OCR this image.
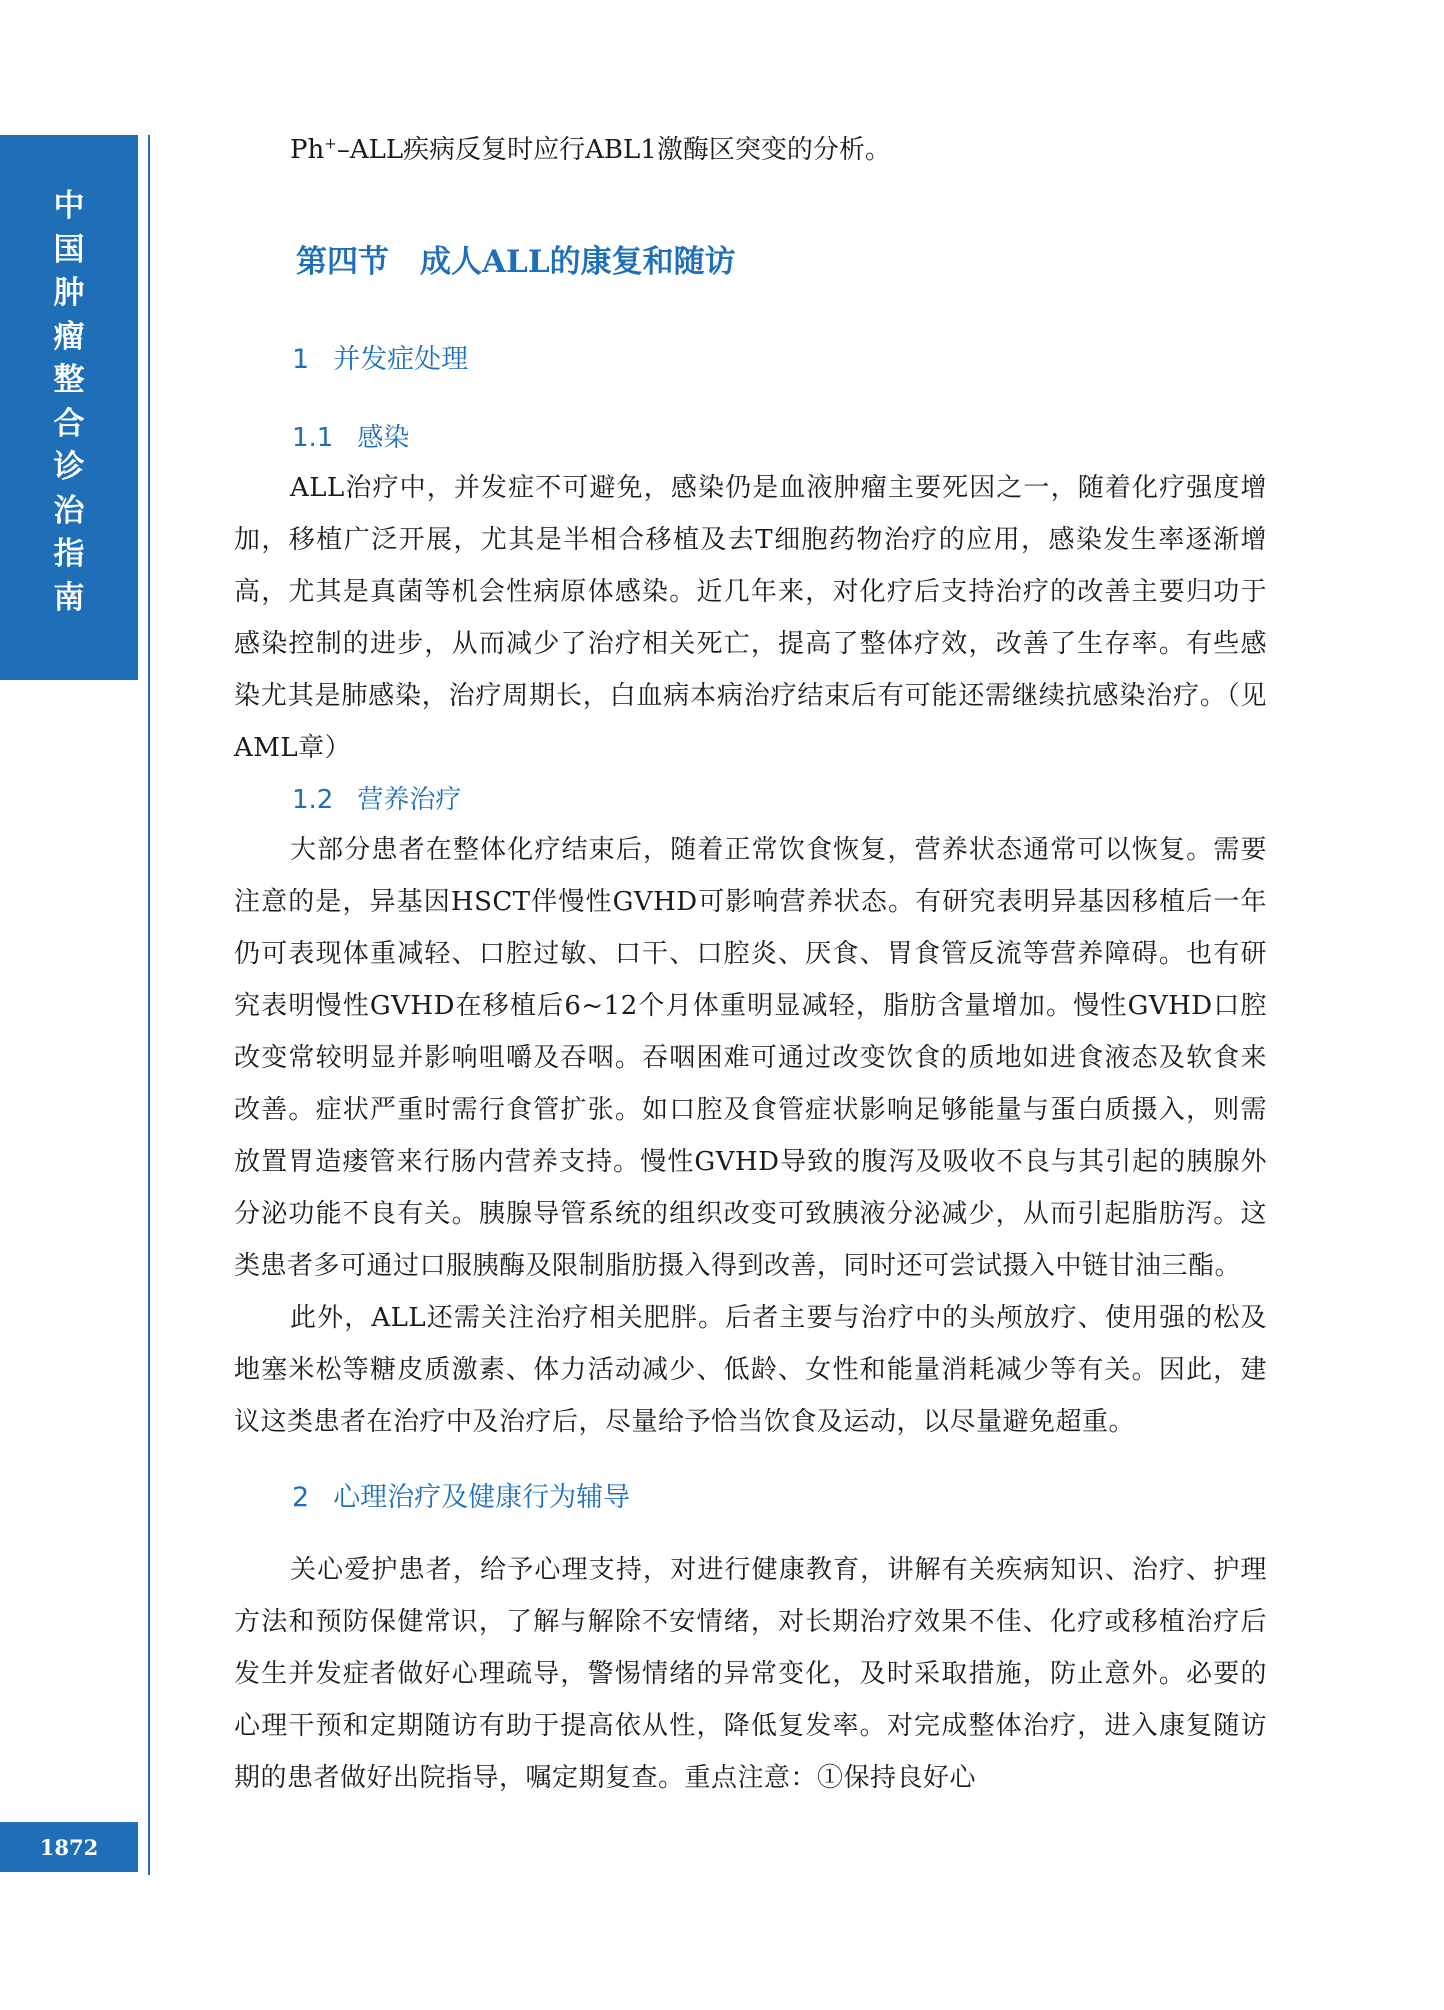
中
国
肿
瘤
整
合
诊
治
指
南
1872

Ph+–ALL疾病反复时应行ABL1激酶区突变的分析。

第四节　成人ALL的康复和随访
1 并发症处理
1.1 感染

ALL治疗中，并发症不可避免，感染仍是血液肿瘤主要死因之一，随着化疗强度增加，移植广泛开展，尤其是半相合移植及去T细胞药物治疗的应用，感染发生率逐渐增高，尤其是真菌等机会性病原体感染。近几年来，对化疗后支持治疗的改善主要归功于感染控制的进步，从而减少了治疗相关死亡，提高了整体疗效，改善了生存率。有些感染尤其是肺感染，治疗周期长，白血病本病治疗结束后有可能还需继续抗感染治疗。（见AML章）

1.2 营养治疗

大部分患者在整体化疗结束后，随着正常饮食恢复，营养状态通常可以恢复。需要注意的是，异基因HSCT伴慢性GVHD可影响营养状态。有研究表明异基因移植后一年仍可表现体重减轻、口腔过敏、口干、口腔炎、厌食、胃食管反流等营养障碍。也有研究表明慢性GVHD在移植后6~12个月体重明显减轻，脂肪含量增加。慢性GVHD口腔改变常较明显并影响咀嚼及吞咽。吞咽困难可通过改变饮食的质地如进食液态及软食来改善。症状严重时需行食管扩张。如口腔及食管症状影响足够能量与蛋白质摄入，则需放置胃造瘘管来行肠内营养支持。慢性GVHD导致的腹泻及吸收不良与其引起的胰腺外分泌功能不良有关。胰腺导管系统的组织改变可致胰液分泌减少，从而引起脂肪泻。这类患者多可通过口服胰酶及限制脂肪摄入得到改善，同时还可尝试摄入中链甘油三酯。

此外，ALL还需关注治疗相关肥胖。后者主要与治疗中的头颅放疗、使用强的松及地塞米松等糖皮质激素、体力活动减少、低龄、女性和能量消耗减少等有关。因此，建议这类患者在治疗中及治疗后，尽量给予恰当饮食及运动，以尽量避免超重。

2 心理治疗及健康行为辅导

关心爱护患者，给予心理支持，对进行健康教育，讲解有关疾病知识、治疗、护理方法和预防保健常识，了解与解除不安情绪，对长期治疗效果不佳、化疗或移植治疗后发生并发症者做好心理疏导，警惕情绪的异常变化，及时采取措施，防止意外。必要的心理干预和定期随访有助于提高依从性，降低复发率。对完成整体治疗，进入康复随访期的患者做好出院指导，嘱定期复查。重点注意：①保持良好心
